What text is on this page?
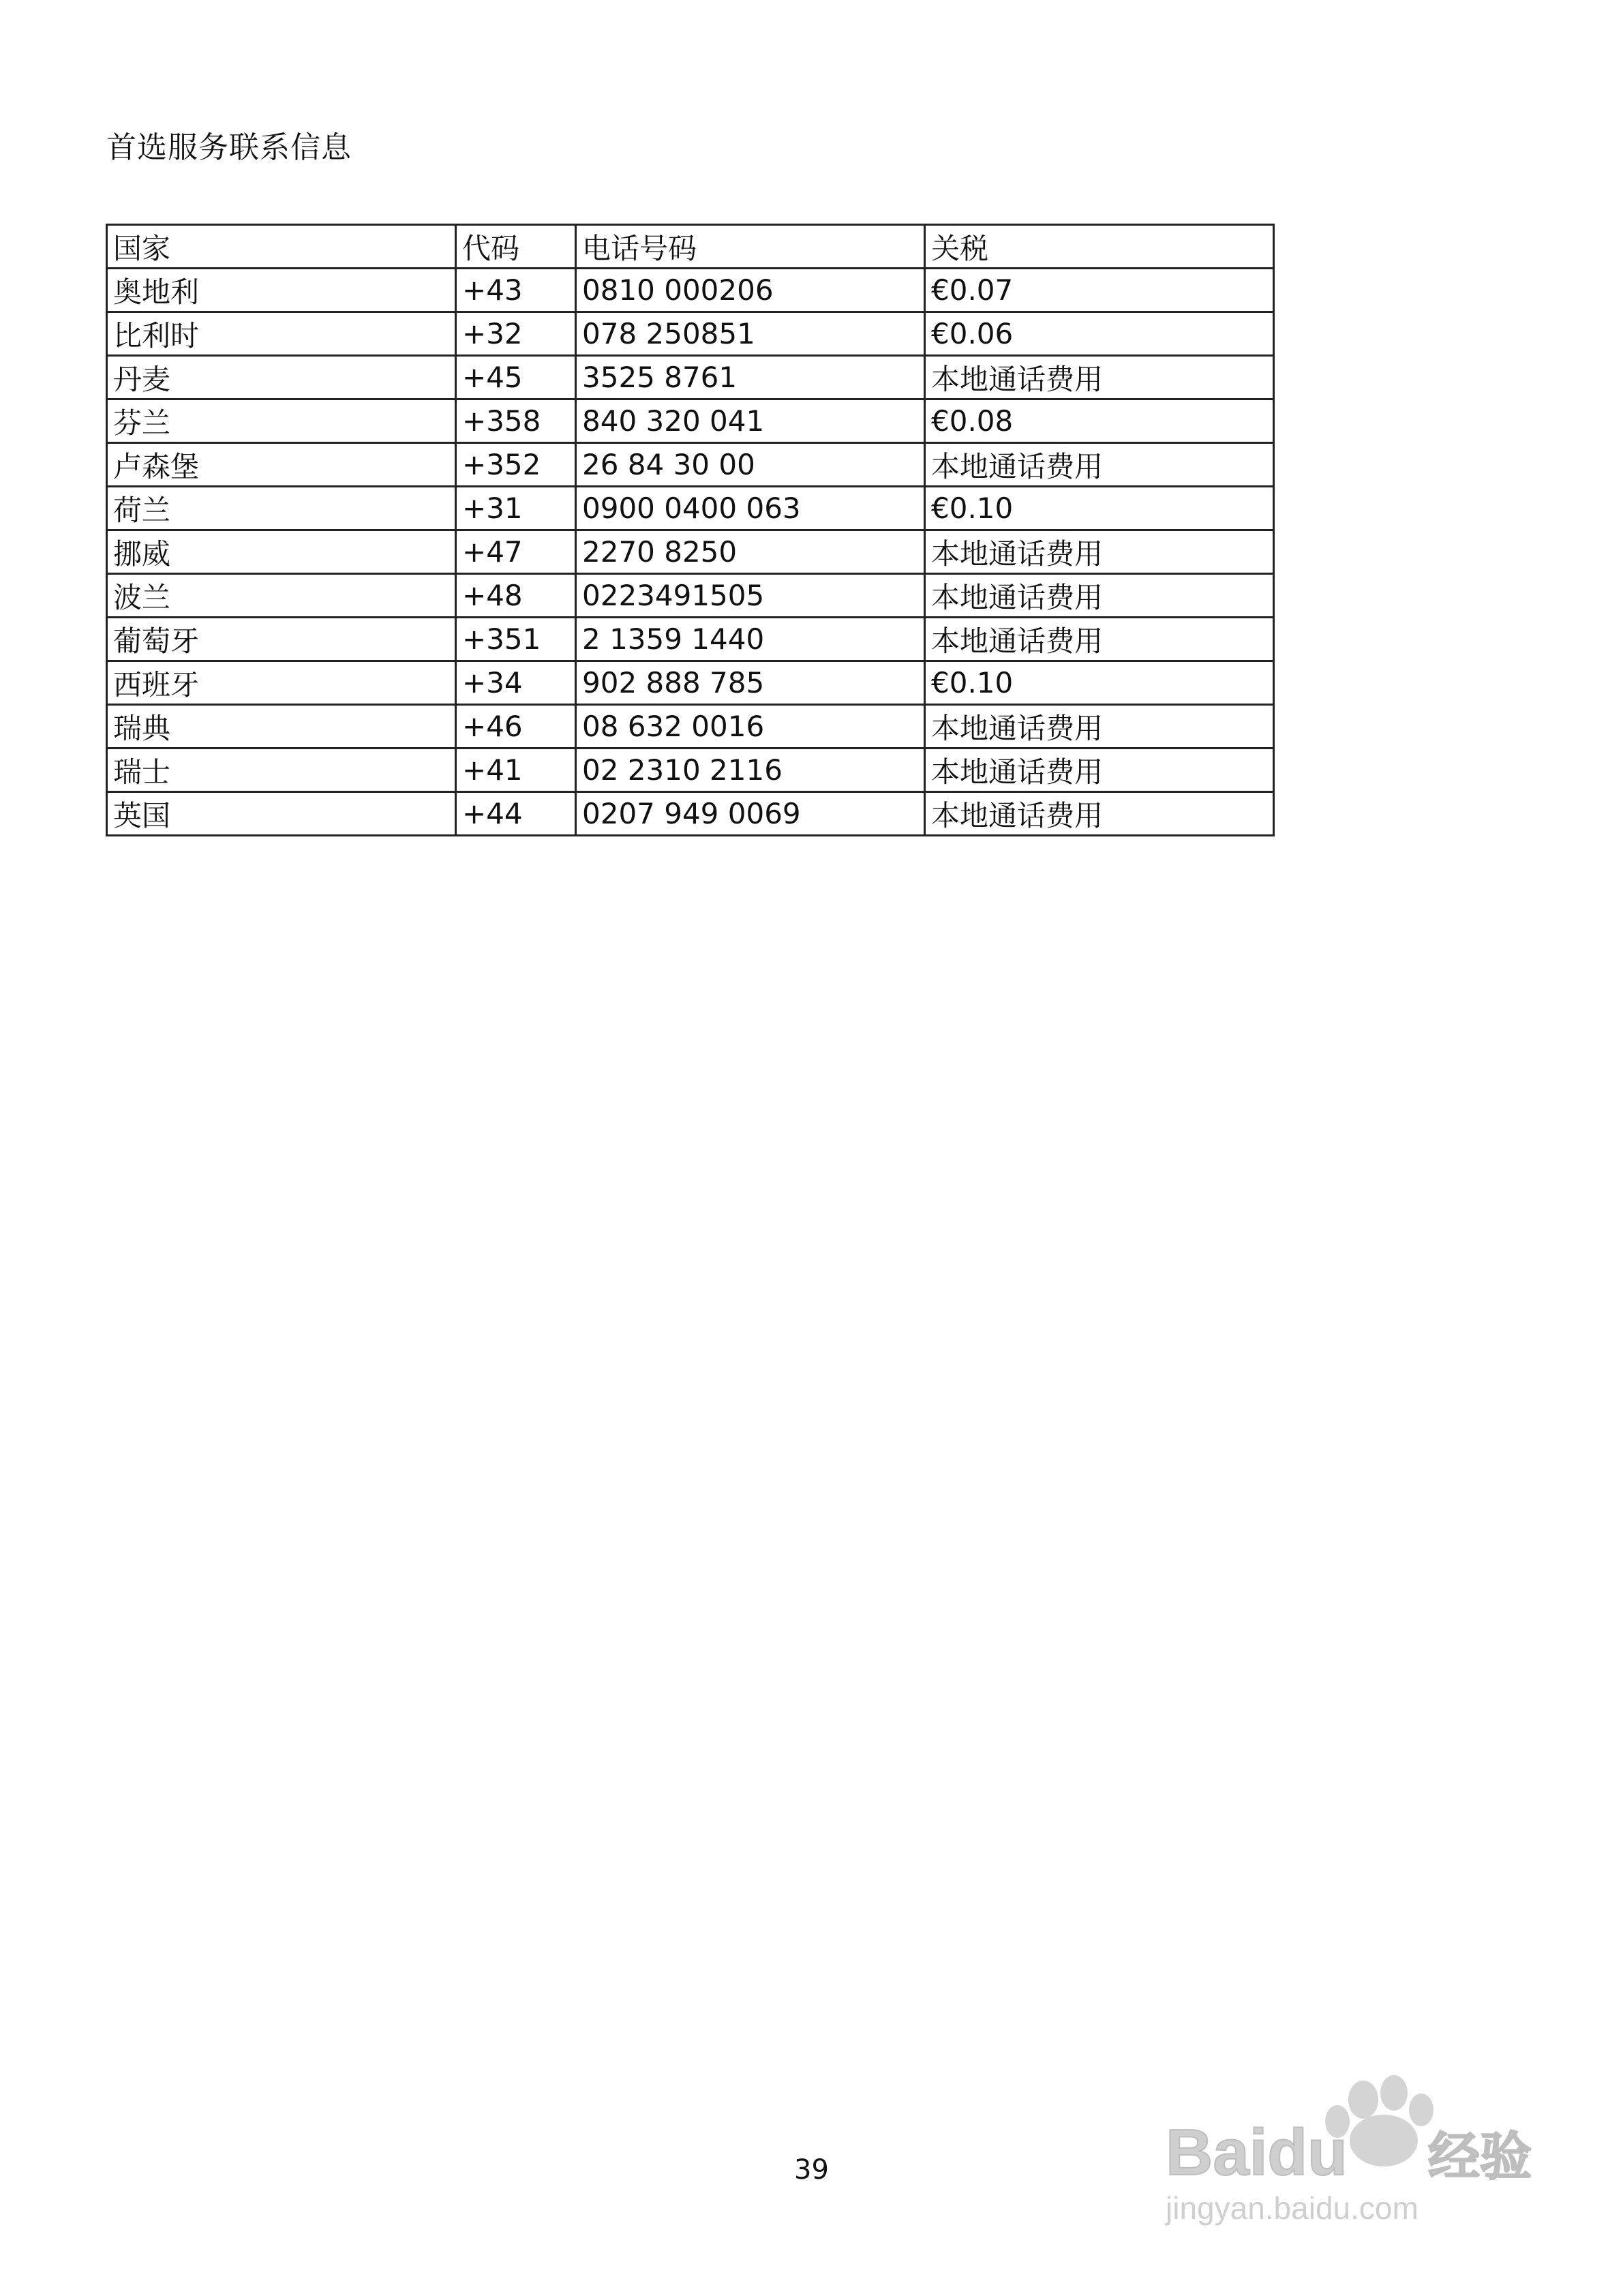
首选服务联系信息
国家	代码	电话号码	关税
奥地利	+43	0810 000206	€0.07
比利时	+32	078 250851	€0.06
丹麦	+45	3525 8761	本地通话费用
芬兰	+358	840 320 041	€0.08
卢森堡	+352	26 84 30 00	本地通话费用
荷兰	+31	0900 0400 063	€0.10
挪威	+47	2270 8250	本地通话费用
波兰	+48	0223491505	本地通话费用
葡萄牙	+351	2 1359 1440	本地通话费用
西班牙	+34	902 888 785	€0.10
瑞典	+46	08 632 0016	本地通话费用
瑞士	+41	02 2310 2116	本地通话费用
英国	+44	0207 949 0069	本地通话费用
39	Baidu 经验
jingyan.baidu.com
